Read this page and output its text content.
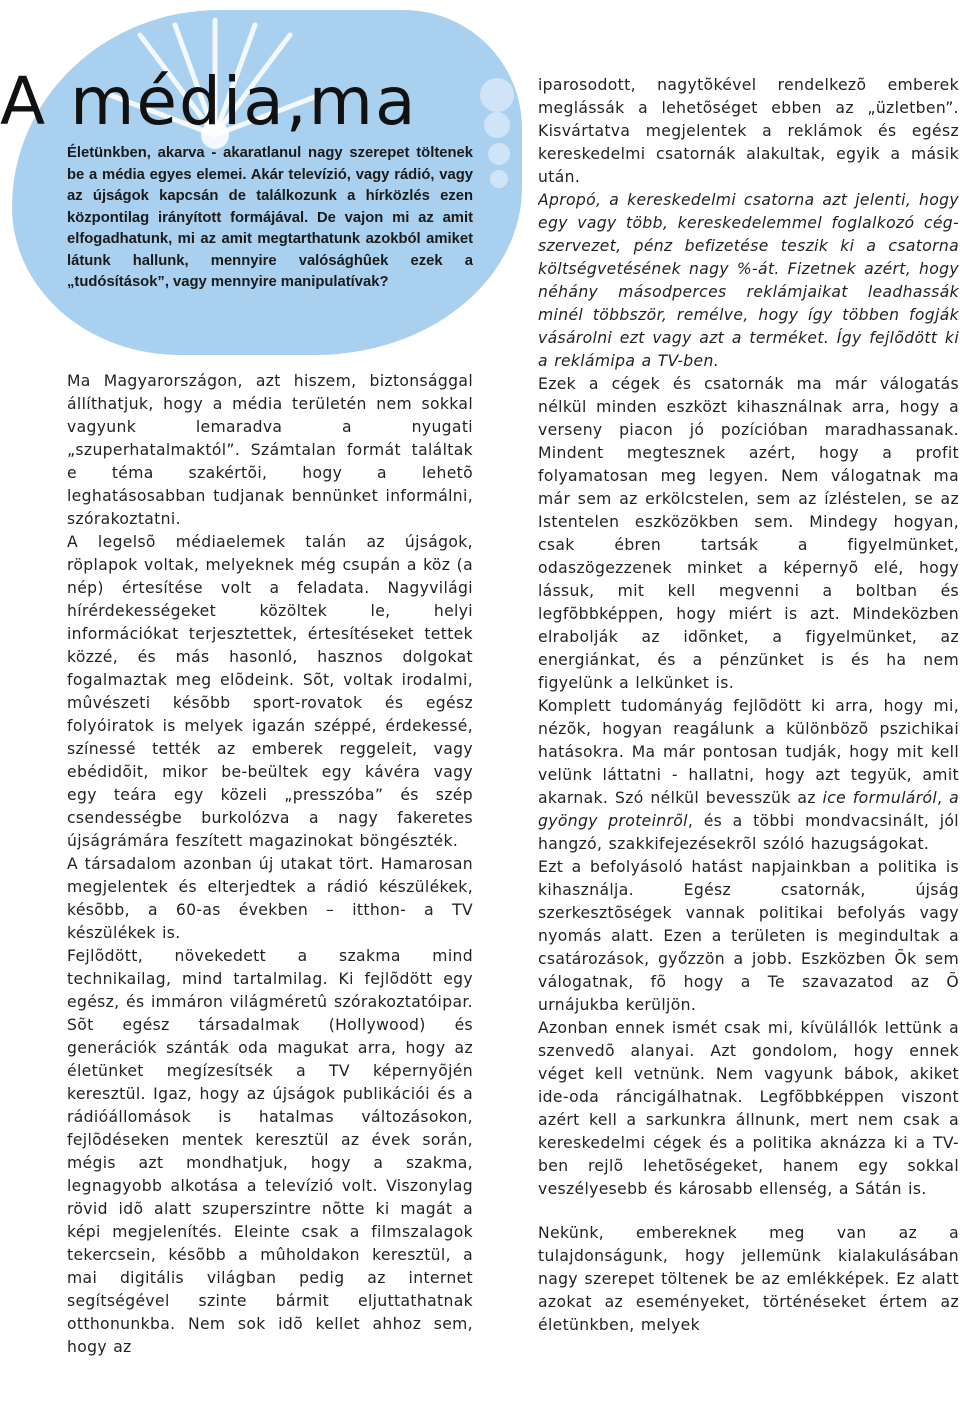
A média,ma
Életünkben, akarva - akaratlanul nagy szerepet töltenek be a média egyes elemei. Akár televízió, vagy rádió, vagy az újságok kapcsán de találkozunk a hírközlés ezen központilag irányított formájával. De vajon mi az amit elfogadhatunk, mi az amit megtarthatunk azokból amiket látunk hallunk, mennyire valósághûek ezek a „tudósítások”, vagy mennyire manipulatívak?

Ma Magyarországon, azt hiszem, biztonsággal állíthatjuk, hogy a média területén nem sokkal vagyunk lemaradva a nyugati „szuperhatalmaktól”. Számtalan formát találtak e téma szakértõi, hogy a lehetõ leghatásosabban tudjanak bennünket informálni, szórakoztatni.

A legelsõ médiaelemek talán az újságok, röplapok voltak, melyeknek még csupán a köz (a nép) értesítése volt a feladata. Nagyvilági hírérdekességeket közöltek le, helyi információkat terjesztettek, értesítéseket tettek közzé, és más hasonló, hasznos dolgokat fogalmaztak meg elõdeink. Sõt, voltak irodalmi, mûvészeti késõbb sport-rovatok és egész folyóiratok is melyek igazán széppé, érdekessé, színessé tették az emberek reggeleit, vagy ebédidõit, mikor be-beültek egy kávéra vagy egy teára egy közeli „presszóba” és szép csendességbe burkolózva a nagy fakeretes újságrámára feszített magazinokat böngészték.

A társadalom azonban új utakat tört. Hamarosan megjelentek és elterjedtek a rádió készülékek, késõbb, a 60-as években – itthon- a TV készülékek is.

Fejlõdött, növekedett a szakma mind technikailag, mind tartalmilag. Ki fejlõdött egy egész, és immáron világméretû szórakoztatóipar. Sõt egész társadalmak (Hollywood) és generációk szánták oda magukat arra, hogy az életünket megízesítsék a TV képernyõjén keresztül. Igaz, hogy az újságok publikációi és a rádióállomások is hatalmas változásokon, fejlõdéseken mentek keresztül az évek során, mégis azt mondhatjuk, hogy a szakma, legnagyobb alkotása a televízió volt. Viszonylag rövid idõ alatt szuperszintre nõtte ki magát a képi megjelenítés. Eleinte csak a filmszalagok tekercsein, késõbb a mûholdakon keresztül, a mai digitális világban pedig az internet segítségével szinte bármit eljuttathatnak otthonunkba. Nem sok idõ kellet ahhoz sem, hogy az

iparosodott, nagytõkével rendelkezõ emberek meglássák a lehetõséget ebben az „üzletben”. Kisvártatva megjelentek a reklámok és egész kereskedelmi csatornák alakultak, egyik a másik után.

Apropó, a kereskedelmi csatorna azt jelenti, hogy egy vagy több, kereskedelemmel foglalkozó cég-szervezet, pénz befizetése teszik ki a csatorna költségvetésének nagy %-át. Fizetnek azért, hogy néhány másodperces reklámjaikat leadhassák minél többször, remélve, hogy így többen fogják vásárolni ezt vagy azt a terméket. Így fejlõdött ki a reklámipa a TV-ben.

Ezek a cégek és csatornák ma már válogatás nélkül minden eszközt kihasználnak arra, hogy a verseny piacon jó pozícióban maradhassanak. Mindent megtesznek azért, hogy a profit folyamatosan meg legyen. Nem válogatnak ma már sem az erkölcstelen, sem az ízléstelen, se az Istentelen eszközökben sem. Mindegy hogyan, csak ébren tartsák a figyelmünket, odaszögezzenek minket a képernyõ elé, hogy lássuk, mit kell megvenni a boltban és legfõbbképpen, hogy miért is azt. Mindeközben elrabolják az idõnket, a figyelmünket, az energiánkat, és a pénzünket is és ha nem figyelünk a lelkünket is.

Komplett tudományág fejlõdött ki arra, hogy mi, nézõk, hogyan reagálunk a különbözõ pszichikai hatásokra. Ma már pontosan tudják, hogy mit kell velünk láttatni - hallatni, hogy azt tegyük, amit akarnak. Szó nélkül bevesszük az ice formuláról, a gyöngy proteinrõl, és a többi mondvacsinált, jól hangzó, szakkifejezésekrõl szóló hazugságokat.

Ezt a befolyásoló hatást napjainkban a politika is kihasználja. Egész csatornák, újság szerkesztõségek vannak politikai befolyás vagy nyomás alatt. Ezen a területen is megindultak a csatározások, győzzön a jobb. Eszközben Õk sem válogatnak, fõ hogy a Te szavazatod az Õ urnájukba kerüljön.

Azonban ennek ismét csak mi, kívülállók lettünk a szenvedõ alanyai. Azt gondolom, hogy ennek véget kell vetnünk. Nem vagyunk bábok, akiket ide-oda ráncigálhatnak. Legfõbbképpen viszont azért kell a sarkunkra állnunk, mert nem csak a kereskedelmi cégek és a politika aknázza ki a TV-ben rejlõ lehetõségeket, hanem egy sokkal veszélyesebb és károsabb ellenség, a Sátán is.

Nekünk, embereknek meg van az a tulajdonságunk, hogy jellemünk kialakulásában nagy szerepet töltenek be az emlékképek. Ez alatt azokat az eseményeket, történéseket értem az életünkben, melyek
